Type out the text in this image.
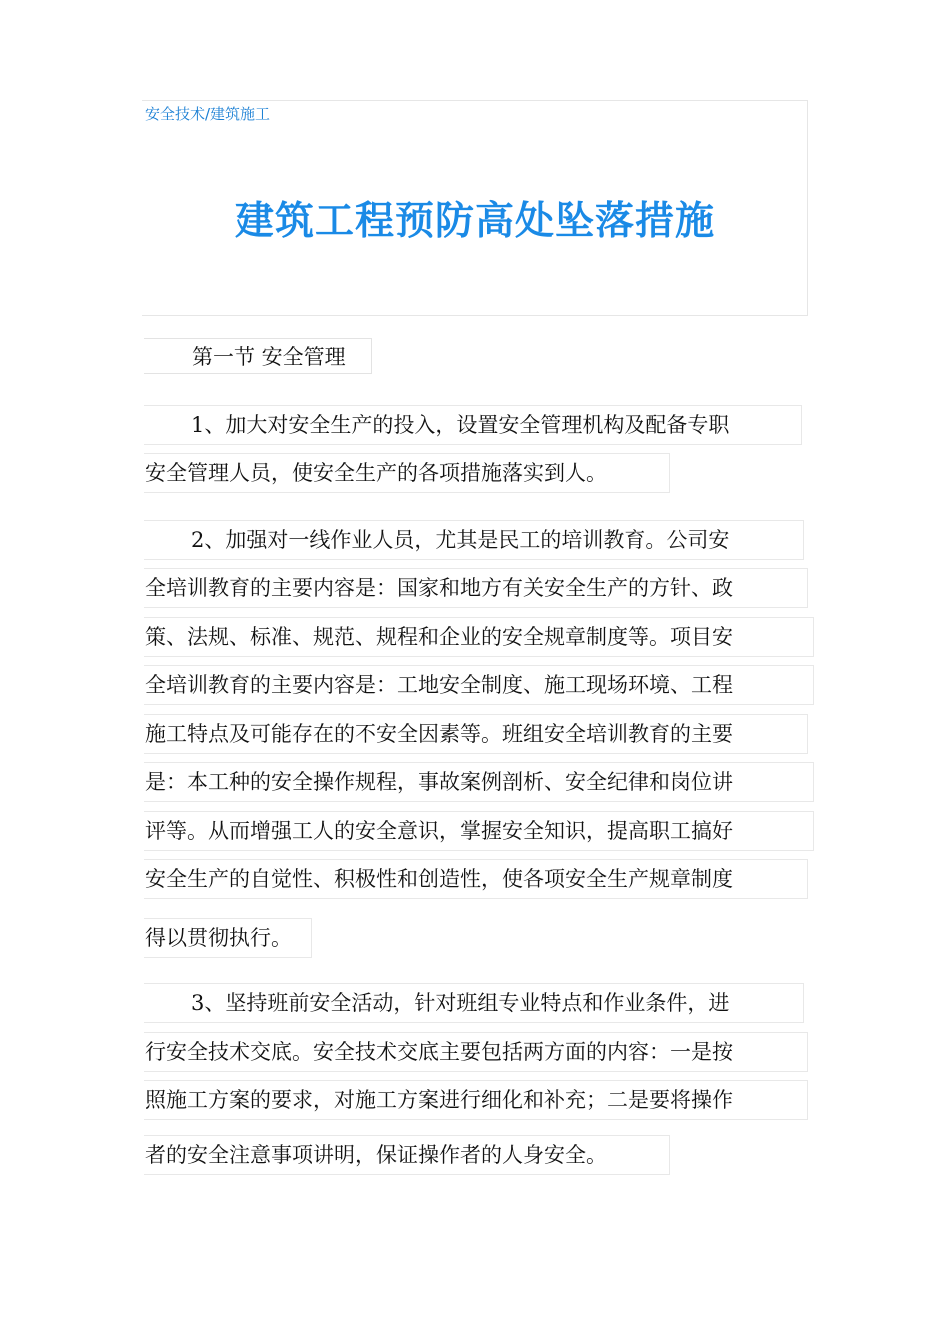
安全技术/建筑施工
建筑工程预防高处坠落措施
第一节 安全管理
1、加大对安全生产的投入，设置安全管理机构及配备专职
安全管理人员，使安全生产的各项措施落实到人。
2、加强对一线作业人员，尤其是民工的培训教育。公司安
全培训教育的主要内容是：国家和地方有关安全生产的方针、政
策、法规、标准、规范、规程和企业的安全规章制度等。项目安
全培训教育的主要内容是：工地安全制度、施工现场环境、工程
施工特点及可能存在的不安全因素等。班组安全培训教育的主要
是：本工种的安全操作规程，事故案例剖析、安全纪律和岗位讲
评等。从而增强工人的安全意识，掌握安全知识，提高职工搞好
安全生产的自觉性、积极性和创造性，使各项安全生产规章制度
得以贯彻执行。
3、坚持班前安全活动，针对班组专业特点和作业条件，进
行安全技术交底。安全技术交底主要包括两方面的内容：一是按
照施工方案的要求，对施工方案进行细化和补充；二是要将操作
者的安全注意事项讲明，保证操作者的人身安全。
